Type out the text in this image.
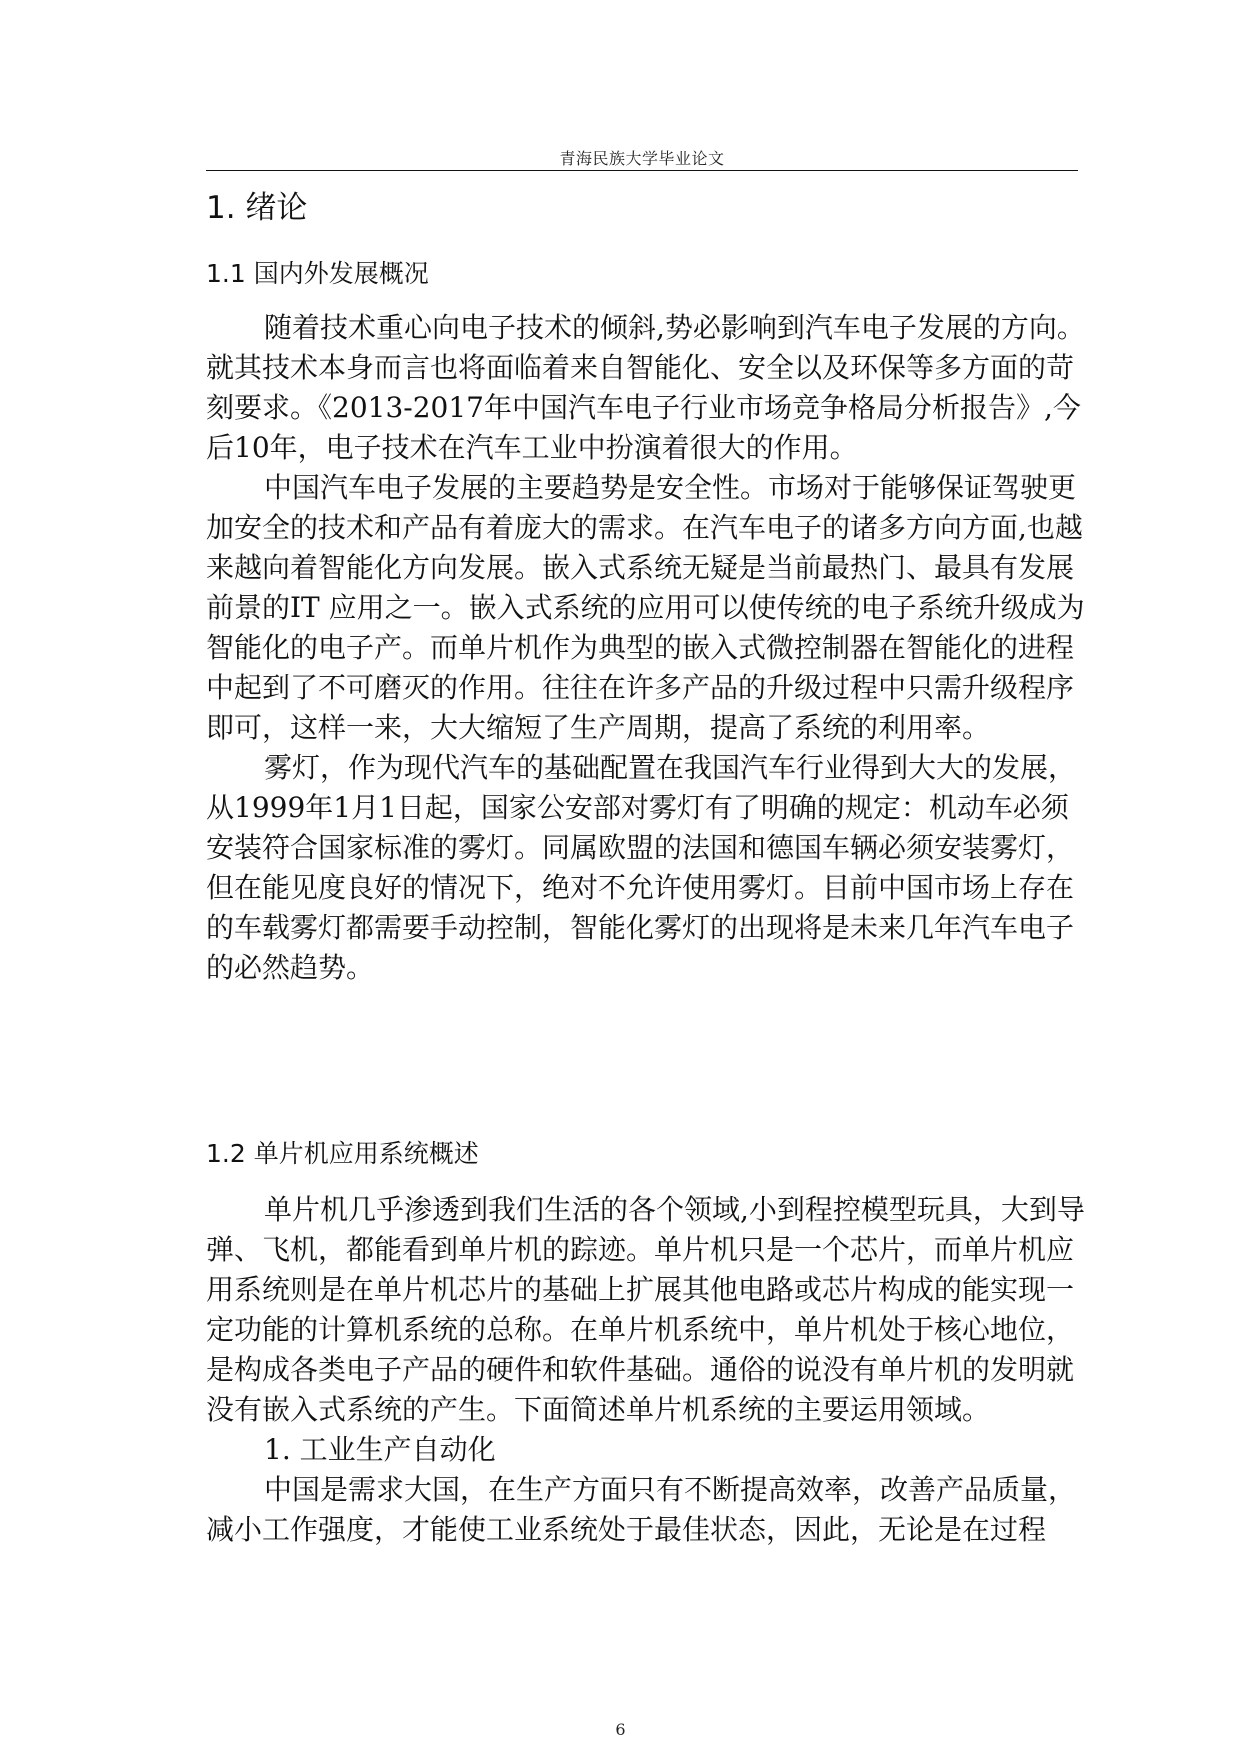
青海民族大学毕业论文
1. 绪论
1.1 国内外发展概况

随着技术重心向电子技术的倾斜,势必影响到汽车电子发展的方向。就其技术本身而言也将面临着来自智能化、安全以及环保等多方面的苛刻要求。《2013-2017年中国汽车电子行业市场竞争格局分析报告》,今后10年，电子技术在汽车工业中扮演着很大的作用。

中国汽车电子发展的主要趋势是安全性。市场对于能够保证驾驶更加安全的技术和产品有着庞大的需求。在汽车电子的诸多方向方面,也越来越向着智能化方向发展。嵌入式系统无疑是当前最热门、最具有发展前景的IT 应用之一。嵌入式系统的应用可以使传统的电子系统升级成为智能化的电子产。而单片机作为典型的嵌入式微控制器在智能化的进程中起到了不可磨灭的作用。往往在许多产品的升级过程中只需升级程序即可，这样一来，大大缩短了生产周期，提高了系统的利用率。

雾灯，作为现代汽车的基础配置在我国汽车行业得到大大的发展，从1999年1月1日起，国家公安部对雾灯有了明确的规定：机动车必须安装符合国家标准的雾灯。同属欧盟的法国和德国车辆必须安装雾灯，但在能见度良好的情况下，绝对不允许使用雾灯。目前中国市场上存在的车载雾灯都需要手动控制，智能化雾灯的出现将是未来几年汽车电子的必然趋势。

1.2 单片机应用系统概述

单片机几乎渗透到我们生活的各个领域,小到程控模型玩具，大到导弹、飞机，都能看到单片机的踪迹。单片机只是一个芯片，而单片机应用系统则是在单片机芯片的基础上扩展其他电路或芯片构成的能实现一定功能的计算机系统的总称。在单片机系统中，单片机处于核心地位，是构成各类电子产品的硬件和软件基础。通俗的说没有单片机的发明就没有嵌入式系统的产生。下面简述单片机系统的主要运用领域。

1. 工业生产自动化

中国是需求大国，在生产方面只有不断提高效率，改善产品质量，减小工作强度，才能使工业系统处于最佳状态，因此，无论是在过程

6
